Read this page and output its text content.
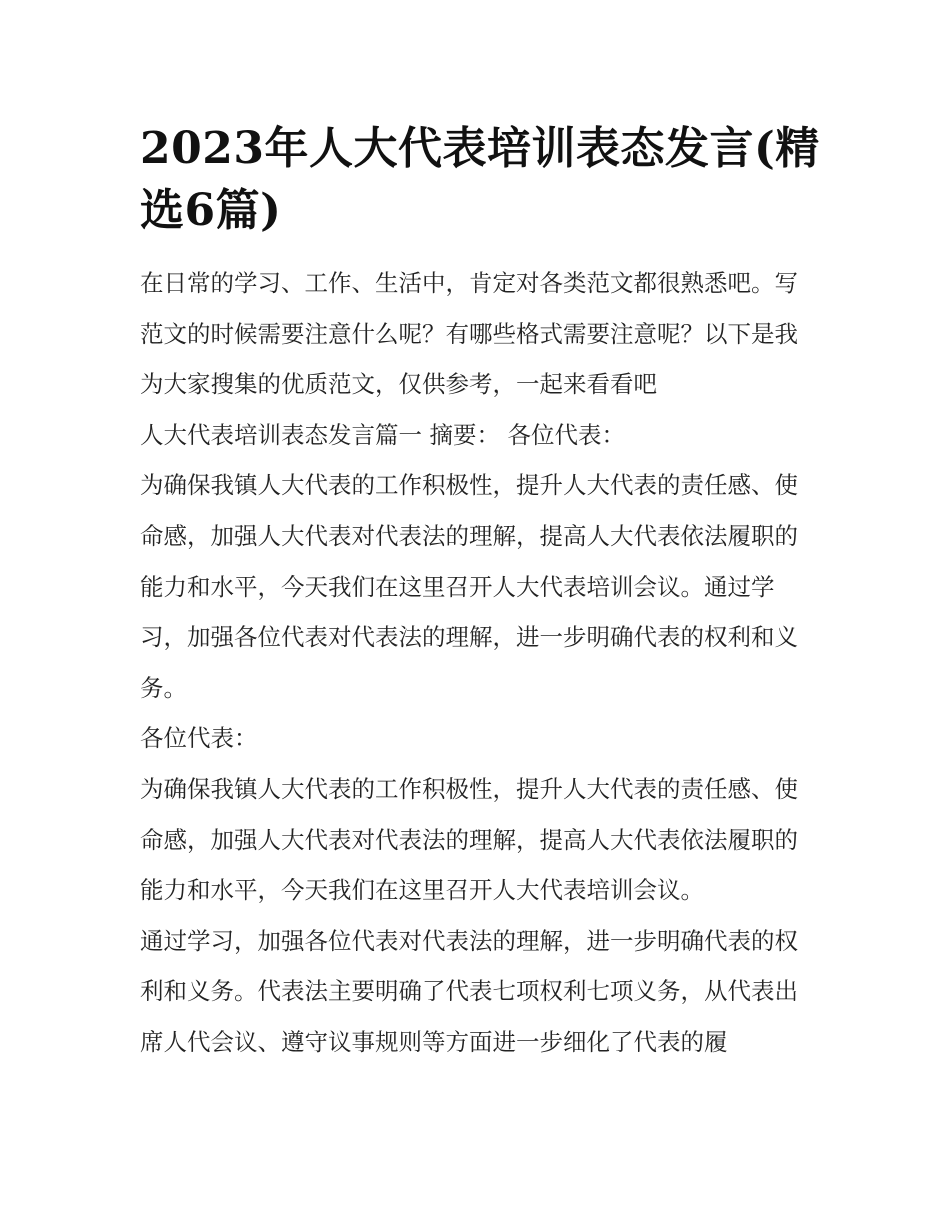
2023年人大代表培训表态发言(精选6篇)

在日常的学习、工作、生活中，肯定对各类范文都很熟悉吧。写范文的时候需要注意什么呢？有哪些格式需要注意呢？以下是我为大家搜集的优质范文，仅供参考，一起来看看吧

人大代表培训表态发言篇一 摘要： 各位代表：

为确保我镇人大代表的工作积极性，提升人大代表的责任感、使命感，加强人大代表对代表法的理解，提高人大代表依法履职的能力和水平，今天我们在这里召开人大代表培训会议。通过学习，加强各位代表对代表法的理解，进一步明确代表的权利和义务。

各位代表：

为确保我镇人大代表的工作积极性，提升人大代表的责任感、使命感，加强人大代表对代表法的理解，提高人大代表依法履职的能力和水平，今天我们在这里召开人大代表培训会议。

通过学习，加强各位代表对代表法的理解，进一步明确代表的权利和义务。代表法主要明确了代表七项权利七项义务，从代表出席人代会议、遵守议事规则等方面进一步细化了代表的履
